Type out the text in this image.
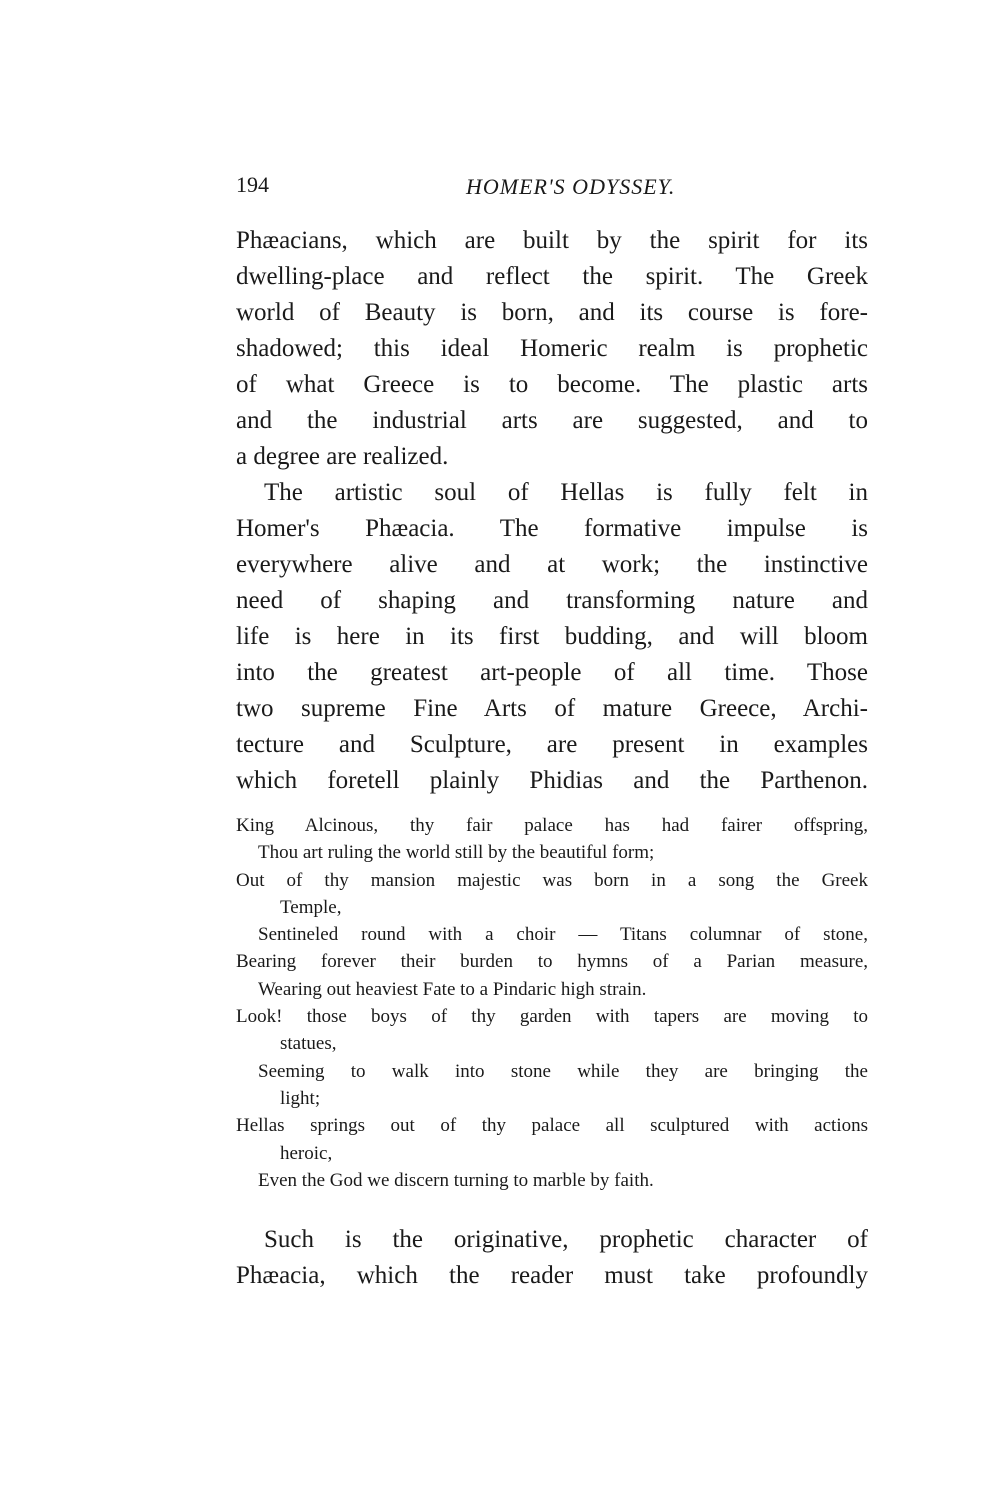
194	HOMER'S ODYSSEY.

Phæacians, which are built by the spirit for its
dwelling-place and reflect the spirit. The Greek
world of Beauty is born, and its course is fore-
shadowed; this ideal Homeric realm is prophetic
of what Greece is to become. The plastic arts
and the industrial arts are suggested, and to
a degree are realized.

The artistic soul of Hellas is fully felt in
Homer's Phæacia. The formative impulse is
everywhere alive and at work; the instinctive
need of shaping and transforming nature and
life is here in its first budding, and will bloom
into the greatest art-people of all time. Those
two supreme Fine Arts of mature Greece, Archi-
tecture and Sculpture, are present in examples
which foretell plainly Phidias and the Parthenon.

King Alcinous, thy fair palace has had fairer offspring,
Thou art ruling the world still by the beautiful form;
Out of thy mansion majestic was born in a song the Greek
Temple,
Sentineled round with a choir — Titans columnar of stone,
Bearing forever their burden to hymns of a Parian measure,
Wearing out heaviest Fate to a Pindaric high strain.
Look! those boys of thy garden with tapers are moving to
statues,
Seeming to walk into stone while they are bringing the
light;
Hellas springs out of thy palace all sculptured with actions
heroic,
Even the God we discern turning to marble by faith.

Such is the originative, prophetic character of
Phæacia, which the reader must take profoundly
